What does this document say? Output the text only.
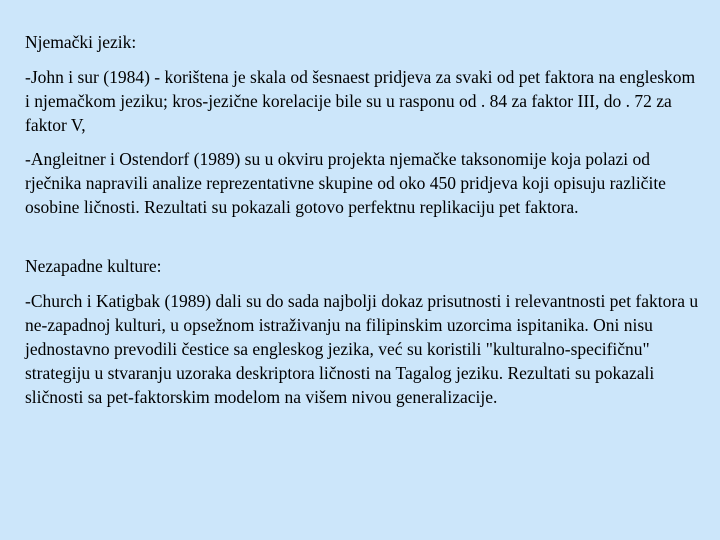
Njemački jezik:
-John i sur (1984) - korištena je skala od šesnaest pridjeva za svaki od pet faktora na engleskom i njemačkom jeziku; kros-jezične korelacije bile su u rasponu od . 84 za faktor III, do . 72 za faktor V,
-Angleitner i Ostendorf (1989) su u okviru projekta njemačke taksonomije koja polazi od rječnika napravili analize reprezentativne skupine od oko 450 pridjeva koji opisuju različite osobine ličnosti. Rezultati su pokazali gotovo perfektnu replikaciju pet faktora.
Nezapadne kulture:
-Church i Katigbak (1989) dali su do sada najbolji dokaz prisutnosti i relevantnosti pet faktora u ne-zapadnoj kulturi, u opsežnom istraživanju na filipinskim uzorcima ispitanika. Oni nisu jednostavno prevodili čestice sa engleskog jezika, već su koristili "kulturalno-specifičnu" strategiju u stvaranju uzoraka deskriptora ličnosti na Tagalog jeziku. Rezultati su pokazali sličnosti sa pet-faktorskim modelom na višem nivou generalizacije.
